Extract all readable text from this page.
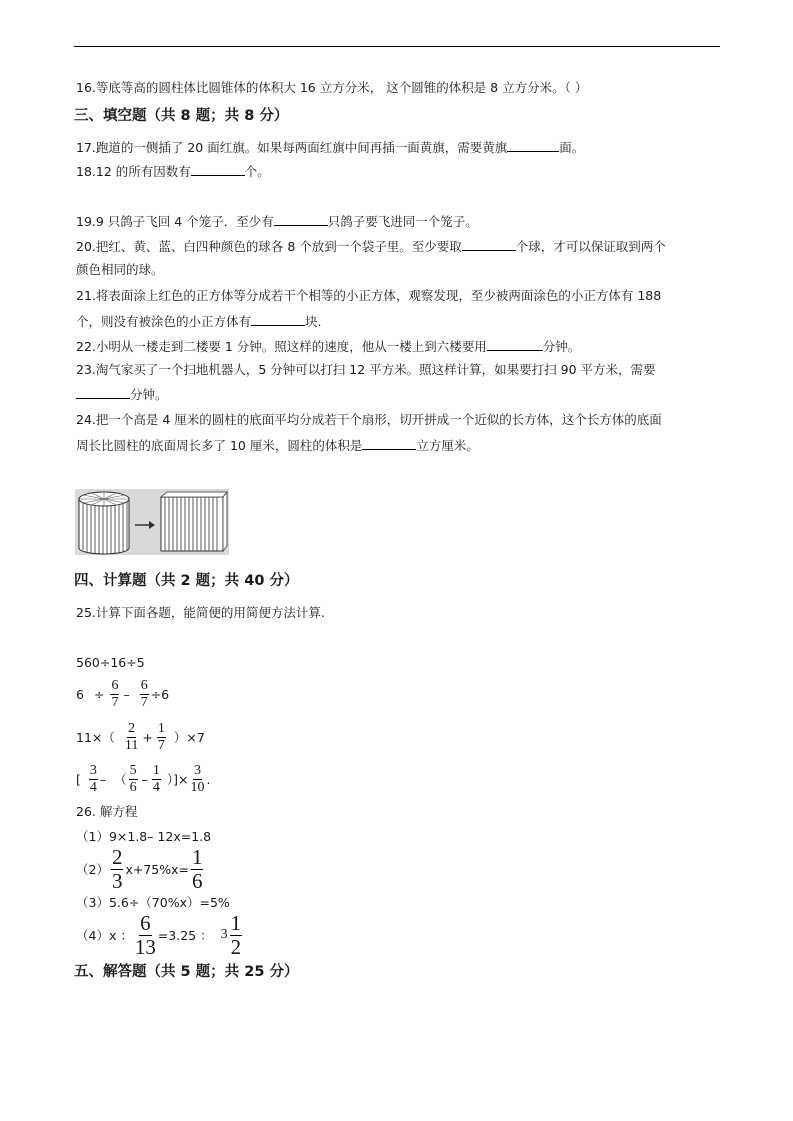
16.等底等高的圆柱体比圆锥体的体积大 16 立方分米， 这个圆锥的体积是 8 立方分米。（ ）
三、填空题（共 8 题；共 8 分）
17.跑道的一侧插了 20 面红旗。如果每两面红旗中间再插一面黄旗，需要黄旗	面。
18.12 的所有因数有	个。
19.9 只鸽子飞回 4 个笼子．至少有	只鸽子要飞进同一个笼子。
20.把红、黄、蓝、白四种颜色的球各 8 个放到一个袋子里。至少要取	个球，才可以保证取到两个
颜色相同的球。
21.将表面涂上红色的正方体等分成若干个相等的小正方体，观察发现，至少被两面涂色的小正方体有 188
个，则没有被涂色的小正方体有	块.
22.小明从一楼走到二楼要 1 分钟。照这样的速度，他从一楼上到六楼要用	分钟。
23.淘气家买了一个扫地机器人，5 分钟可以打扫 12 平方米。照这样计算，如果要打扫 90 平方米，需要
分钟。
24.把一个高是 4 厘米的圆柱的底面平均分成若干个扇形，切开拼成一个近似的长方体，这个长方体的底面
周长比圆柱的底面周长多了 10 厘米，圆柱的体积是	立方厘米。
四、计算题（共 2 题；共 40 分）
25.计算下面各题，能简便的用简便方法计算.
560÷16÷5
$6 \div \frac{6}{7} - \frac{6}{7} \div 6$
$11\times( \frac{2}{11} + \frac{1}{7} )\times 7$
[ $\frac{3}{4}$ – （ $\frac{5}{6} - \frac{1}{4}$ ）]× $\frac{3}{10}$ .
26. 解方程
（1）9×1.8– 12x=1.8
$(2) \frac{2}{3} x+75\%x= \frac{1}{6}$
（3）5.6÷（70%x）=5%
（4）x ： $\frac{6}{13} =3.25$ ： $3 \frac{1}{2}$
五、解答题（共 5 题；共 25 分）
